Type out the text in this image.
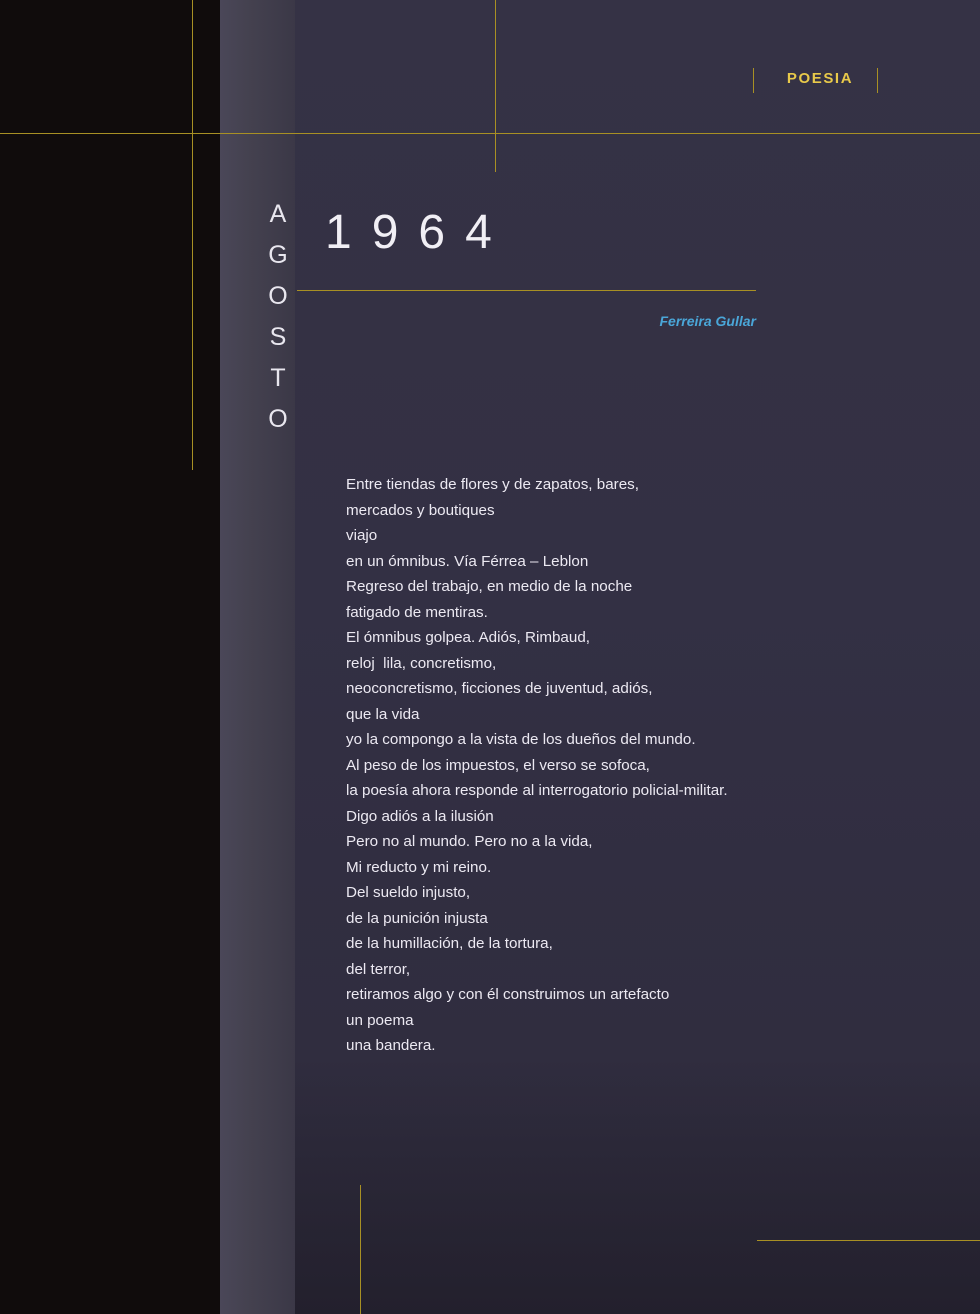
POESIA
AGOSTO 1964
Ferreira Gullar
Entre tiendas de flores y de zapatos, bares,
mercados y boutiques
viajo
en un ómnibus. Vía Férrea – Leblon
Regreso del trabajo, en medio de la noche
fatigado de mentiras.
El ómnibus golpea. Adiós, Rimbaud,
reloj  lila, concretismo,
neoconcretismo, ficciones de juventud, adiós,
que la vida
yo la compongo a la vista de los dueños del mundo.
Al peso de los impuestos, el verso se sofoca,
la poesía ahora responde al interrogatorio policial-militar.
Digo adiós a la ilusión
Pero no al mundo. Pero no a la vida,
Mi reducto y mi reino.
Del sueldo injusto,
de la punición injusta
de la humillación, de la tortura,
del terror,
retiramos algo y con él construimos un artefacto
un poema
una bandera.
